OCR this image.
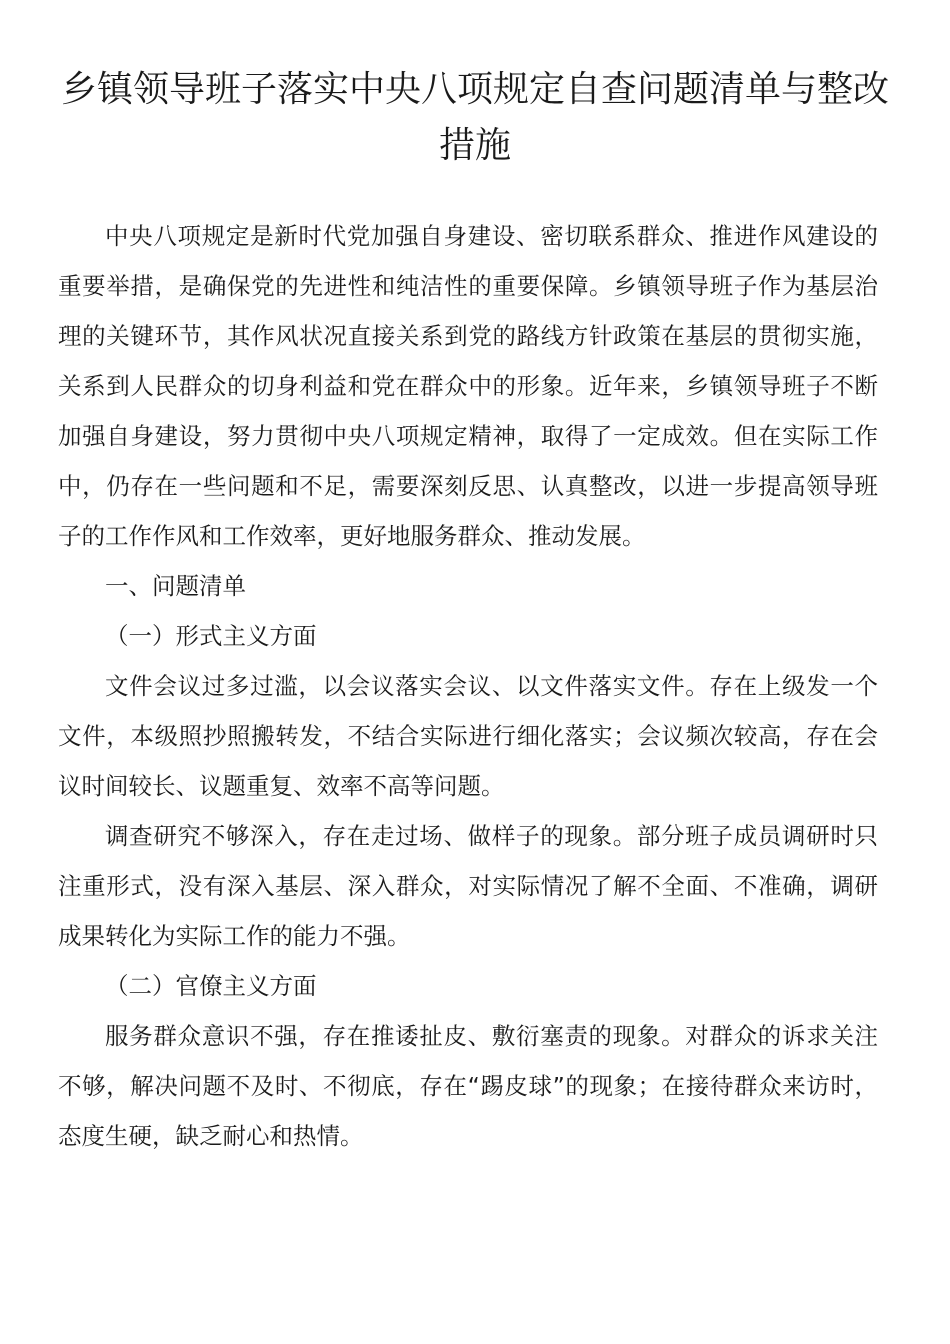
乡镇领导班子落实中央八项规定自查问题清单与整改措施

中央八项规定是新时代党加强自身建设、密切联系群众、推进作风建设的重要举措，是确保党的先进性和纯洁性的重要保障。乡镇领导班子作为基层治理的关键环节，其作风状况直接关系到党的路线方针政策在基层的贯彻实施，关系到人民群众的切身利益和党在群众中的形象。近年来，乡镇领导班子不断加强自身建设，努力贯彻中央八项规定精神，取得了一定成效。但在实际工作中，仍存在一些问题和不足，需要深刻反思、认真整改，以进一步提高领导班子的工作作风和工作效率，更好地服务群众、推动发展。

一、问题清单

（一）形式主义方面

文件会议过多过滥，以会议落实会议、以文件落实文件。存在上级发一个文件，本级照抄照搬转发，不结合实际进行细化落实；会议频次较高，存在会议时间较长、议题重复、效率不高等问题。

调查研究不够深入，存在走过场、做样子的现象。部分班子成员调研时只注重形式，没有深入基层、深入群众，对实际情况了解不全面、不准确，调研成果转化为实际工作的能力不强。

（二）官僚主义方面

服务群众意识不强，存在推诿扯皮、敷衍塞责的现象。对群众的诉求关注不够，解决问题不及时、不彻底，存在“踢皮球”的现象；在接待群众来访时，态度生硬，缺乏耐心和热情。
